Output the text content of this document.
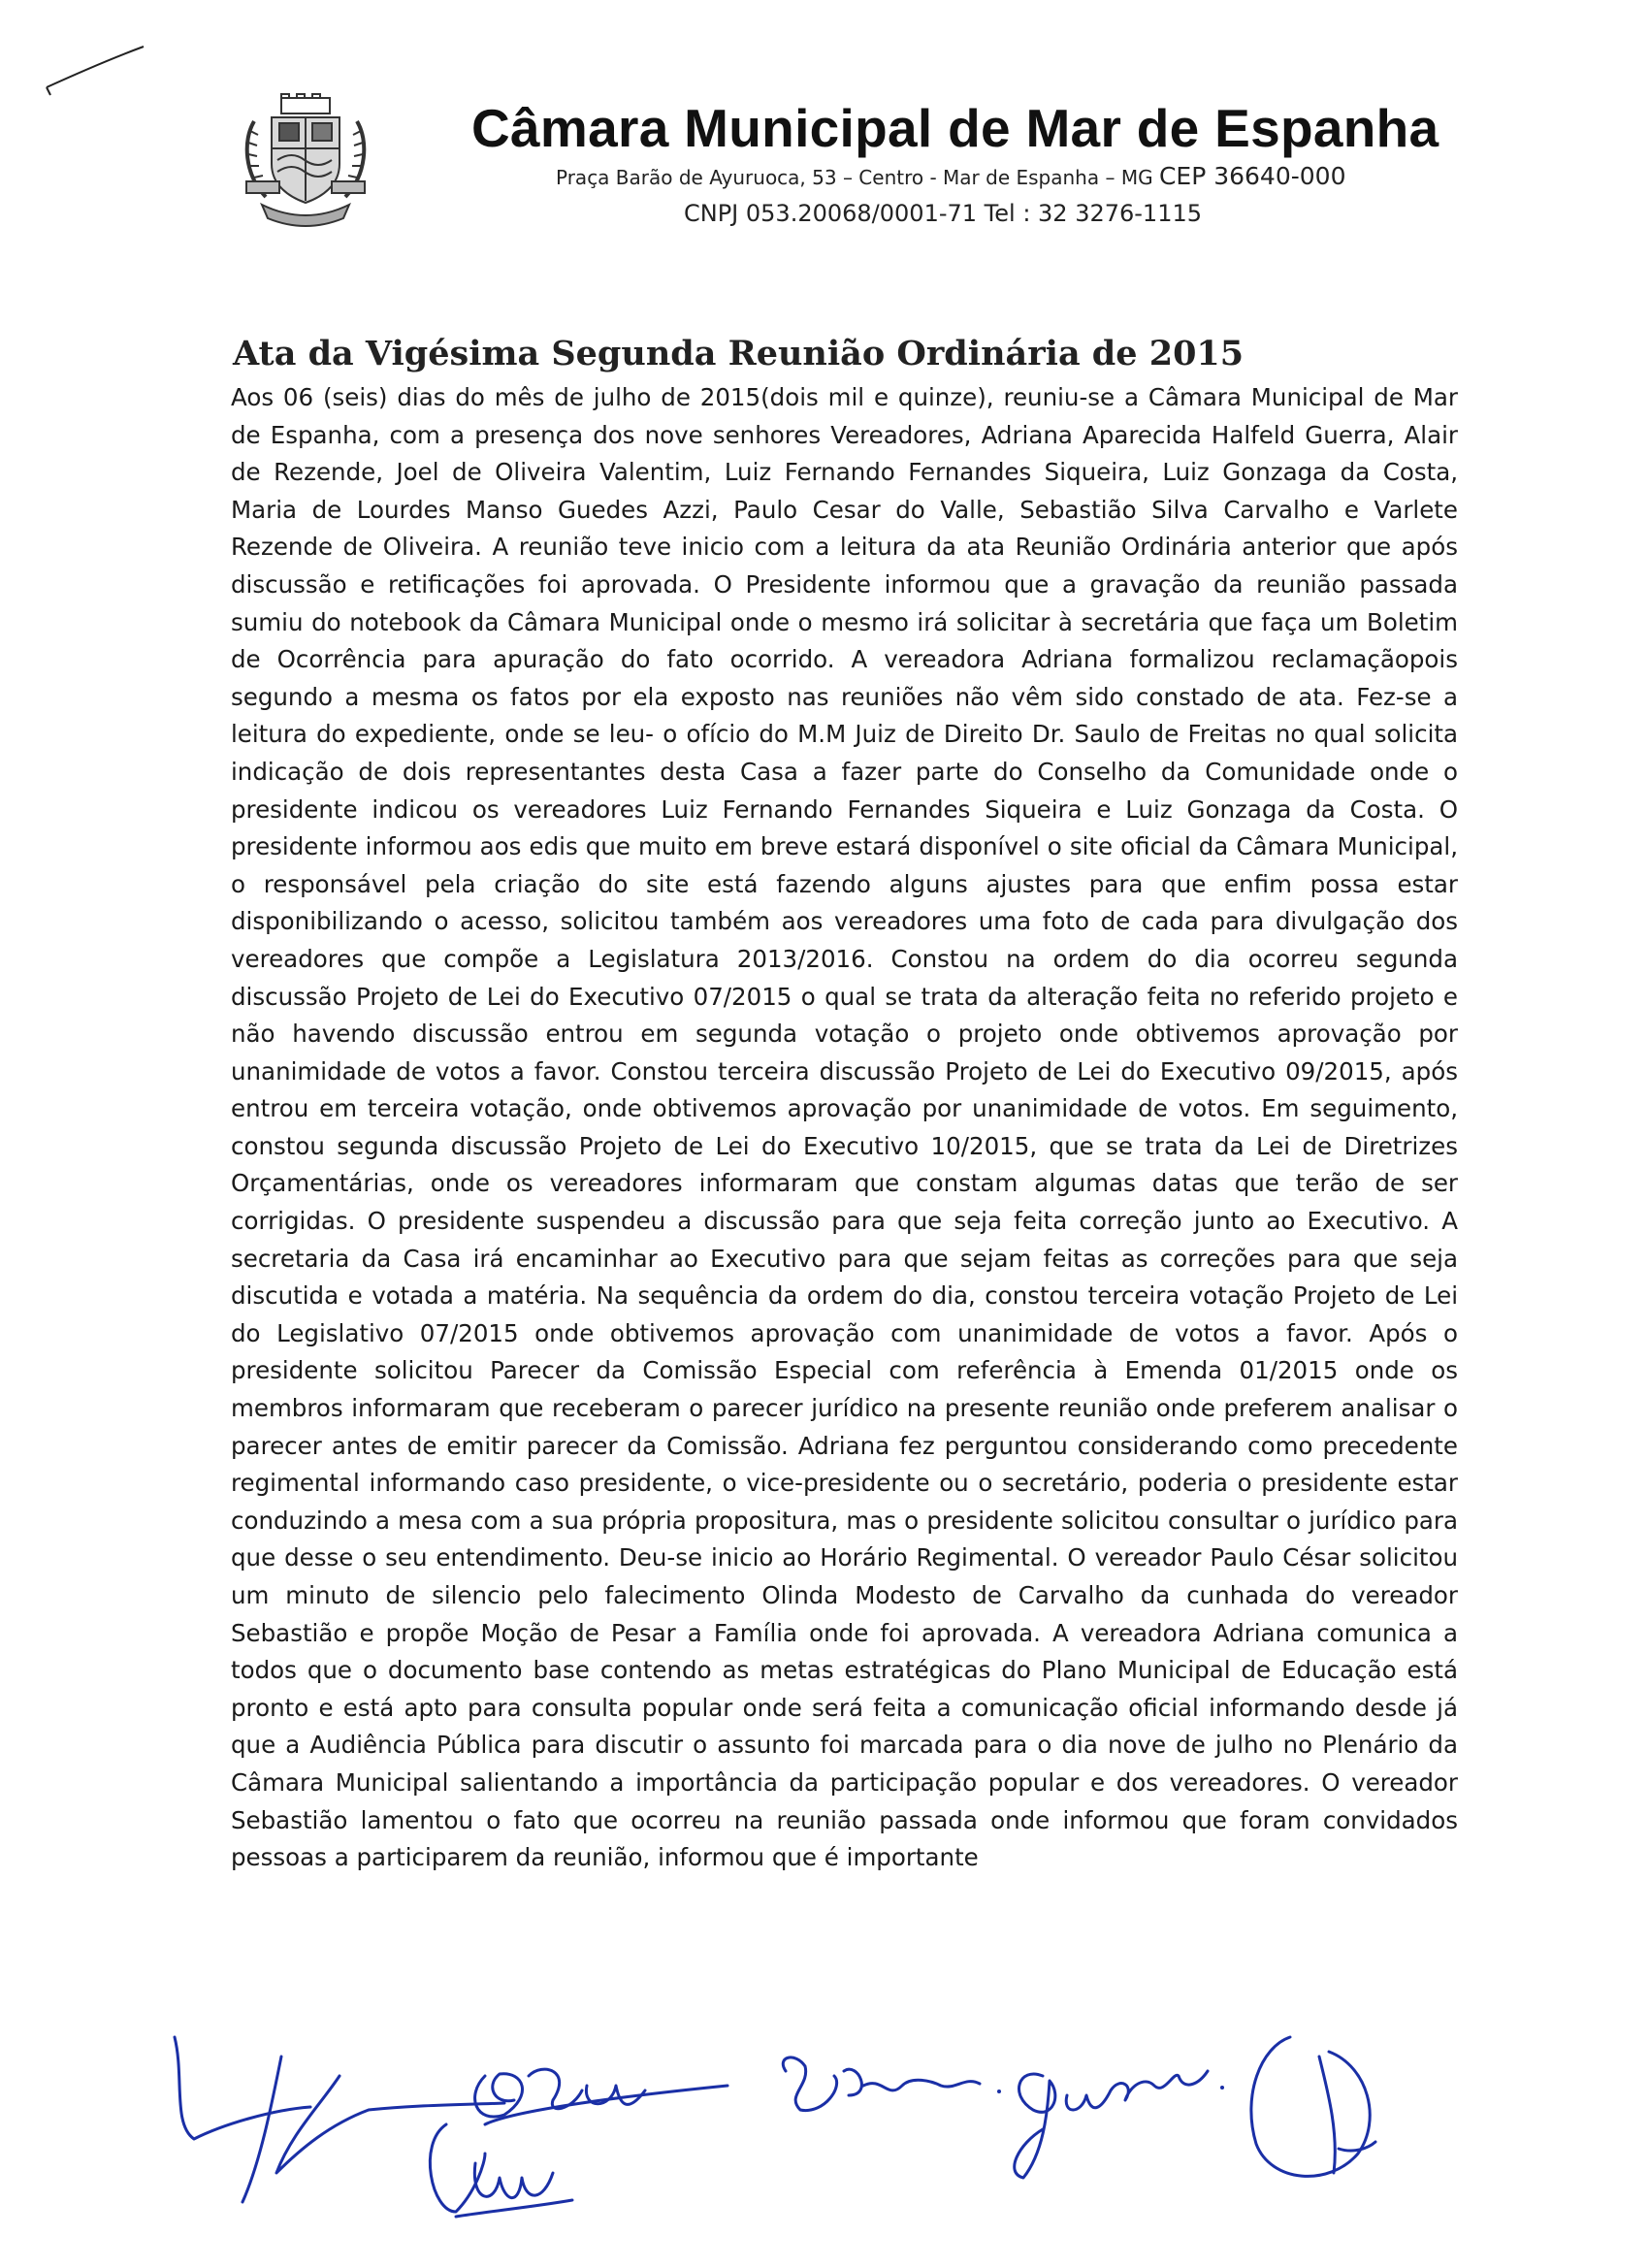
Câmara Municipal de Mar de Espanha
Praça Barão de Ayuruoca, 53 – Centro - Mar de Espanha – MG CEP 36640-000
CNPJ 053.20068/0001-71 Tel : 32 3276-1115
Ata da Vigésima Segunda Reunião Ordinária de 2015

Aos 06 (seis) dias do mês de julho de 2015(dois mil e quinze), reuniu-se a Câmara Municipal de Mar de Espanha, com a presença dos nove senhores Vereadores, Adriana Aparecida Halfeld Guerra, Alair de Rezende, Joel de Oliveira Valentim, Luiz Fernando Fernandes Siqueira, Luiz Gonzaga da Costa, Maria de Lourdes Manso Guedes Azzi, Paulo Cesar do Valle, Sebastião Silva Carvalho e Varlete Rezende de Oliveira. A reunião teve inicio com a leitura da ata Reunião Ordinária anterior que após discussão e retificações foi aprovada. O Presidente informou que a gravação da reunião passada sumiu do notebook da Câmara Municipal onde o mesmo irá solicitar à secretária que faça um Boletim de Ocorrência para apuração do fato ocorrido. A vereadora Adriana formalizou reclamaçãopois segundo a mesma os fatos por ela exposto nas reuniões não vêm sido constado de ata. Fez-se a leitura do expediente, onde se leu- o ofício do M.M Juiz de Direito Dr. Saulo de Freitas no qual solicita indicação de dois representantes desta Casa a fazer parte do Conselho da Comunidade onde o presidente indicou os vereadores Luiz Fernando Fernandes Siqueira e Luiz Gonzaga da Costa. O presidente informou aos edis que muito em breve estará disponível o site oficial da Câmara Municipal, o responsável pela criação do site está fazendo alguns ajustes para que enfim possa estar disponibilizando o acesso, solicitou também aos vereadores uma foto de cada para divulgação dos vereadores que compõe a Legislatura 2013/2016. Constou na ordem do dia ocorreu segunda discussão Projeto de Lei do Executivo 07/2015 o qual se trata da alteração feita no referido projeto e não havendo discussão entrou em segunda votação o projeto onde obtivemos aprovação por unanimidade de votos a favor. Constou terceira discussão Projeto de Lei do Executivo 09/2015, após entrou em terceira votação, onde obtivemos aprovação por unanimidade de votos. Em seguimento, constou segunda discussão Projeto de Lei do Executivo 10/2015, que se trata da Lei de Diretrizes Orçamentárias, onde os vereadores informaram que constam algumas datas que terão de ser corrigidas. O presidente suspendeu a discussão para que seja feita correção junto ao Executivo. A secretaria da Casa irá encaminhar ao Executivo para que sejam feitas as correções para que seja discutida e votada a matéria. Na sequência da ordem do dia, constou terceira votação Projeto de Lei do Legislativo 07/2015 onde obtivemos aprovação com unanimidade de votos a favor. Após o presidente solicitou Parecer da Comissão Especial com referência à Emenda 01/2015 onde os membros informaram que receberam o parecer jurídico na presente reunião onde preferem analisar o parecer antes de emitir parecer da Comissão. Adriana fez perguntou considerando como precedente regimental informando caso presidente, o vice-presidente ou o secretário, poderia o presidente estar conduzindo a mesa com a sua própria propositura, mas o presidente solicitou consultar o jurídico para que desse o seu entendimento. Deu-se inicio ao Horário Regimental. O vereador Paulo César solicitou um minuto de silencio pelo falecimento Olinda Modesto de Carvalho da cunhada do vereador Sebastião e propõe Moção de Pesar a Família onde foi aprovada. A vereadora Adriana comunica a todos que o documento base contendo as metas estratégicas do Plano Municipal de Educação está pronto e está apto para consulta popular onde será feita a comunicação oficial informando desde já que a Audiência Pública para discutir o assunto foi marcada para o dia nove de julho no Plenário da Câmara Municipal salientando a importância da participação popular e dos vereadores. O vereador Sebastião lamentou o fato que ocorreu na reunião passada onde informou que foram convidados pessoas a participarem da reunião, informou que é importante
